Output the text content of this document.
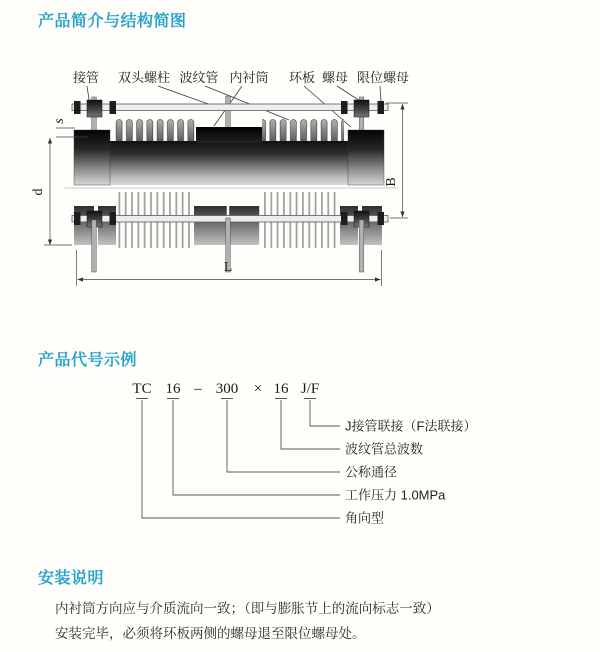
产品简介与结构简图
接管 双头螺柱 波纹管 内衬筒 环板 螺母 限位螺母
s
d
B
L
产品代号示例
TC 16 – 300 × 16 J/F
J接管联接（F法联接）
波纹管总波数
公称通径
工作压力 1.0MPa
角向型
安装说明
内衬筒方向应与介质流向一致；（即与膨胀节上的流向标志一致）
安装完毕，必须将环板两侧的螺母退至限位螺母处。
